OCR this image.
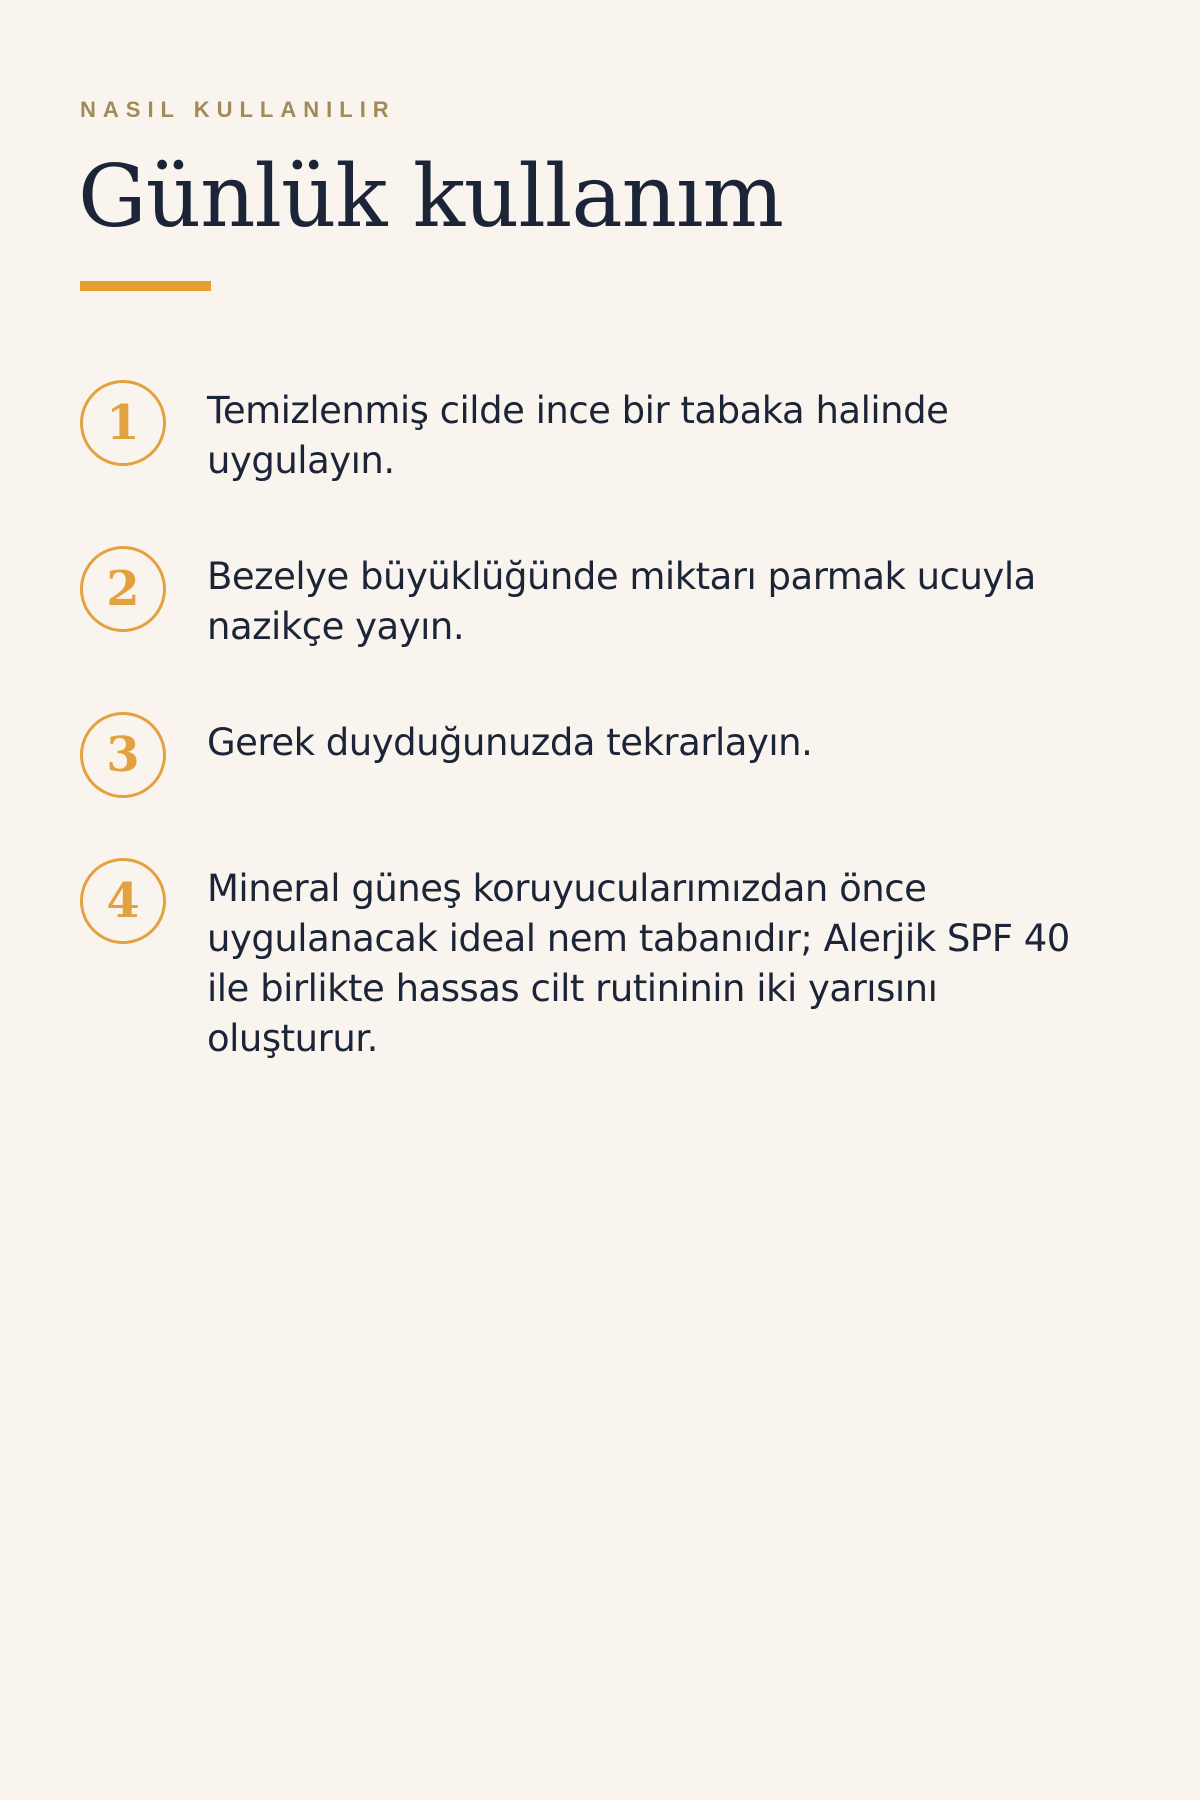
NASIL KULLANILIR
Günlük kullanım
1	Temizlenmiş cilde ince bir tabaka halinde uygulayın.
2	Bezelye büyüklüğünde miktarı parmak ucuyla nazikçe yayın.
3	Gerek duyduğunuzda tekrarlayın.
4	Mineral güneş koruyucularımızdan önce uygulanacak ideal nem tabanıdır; Alerjik SPF 40 ile birlikte hassas cilt rutininin iki yarısını oluşturur.
